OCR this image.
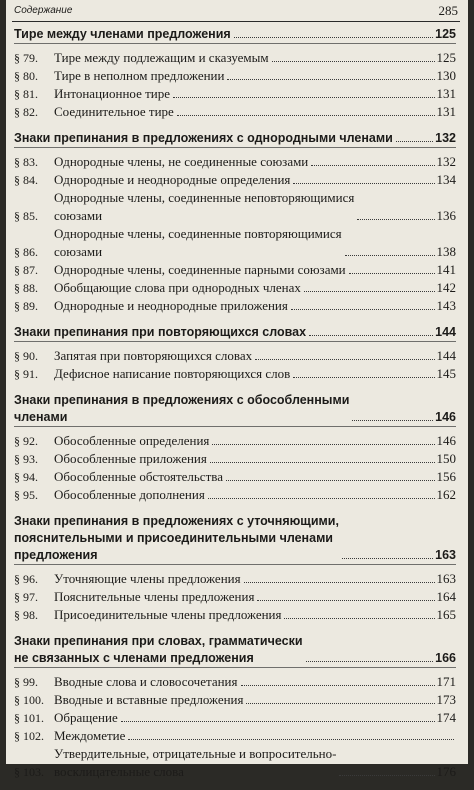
Содержание	285
Тире между членами предложения	125
§ 79.	Тире между подлежащим и сказуемым	125
§ 80.	Тире в неполном предложении	130
§ 81.	Интонационное тире	131
§ 82.	Соединительное тире	131
Знаки препинания в предложениях с однородными членами	132
§ 83.	Однородные члены, не соединенные союзами	132
§ 84.	Однородные и неоднородные определения	134
§ 85.
Однородные члены, соединенные неповторяющимися
союзами	136
§ 86.
Однородные члены, соединенные повторяющимися
союзами	138
§ 87.	Однородные члены, соединенные парными союзами	141
§ 88.	Обобщающие слова при однородных членах	142
§ 89.	Однородные и неоднородные приложения	143
Знаки препинания при повторяющихся словах	144
§ 90.	Запятая при повторяющихся словах	144
§ 91.	Дефисное написание повторяющихся слов	145
Знаки препинания в предложениях с обособленными
членами	146
§ 92.	Обособленные определения	146
§ 93.	Обособленные приложения	150
§ 94.	Обособленные обстоятельства	156
§ 95.	Обособленные дополнения	162
Знаки препинания в предложениях с уточняющими,
пояснительными и присоединительными членами
предложения	163
§ 96.	Уточняющие члены предложения	163
§ 97.	Пояснительные члены предложения	164
§ 98.	Присоединительные члены предложения	165
Знаки препинания при словах, грамматически
не связанных с членами предложения	166
§ 99.	Вводные слова и словосочетания	171
§ 100. Вводные и вставные предложения	173
§ 101. Обращение	174
§ 102. Междометие
§ 103.
Утвердительные, отрицательные и вопросительно-
восклицательные слова	176
